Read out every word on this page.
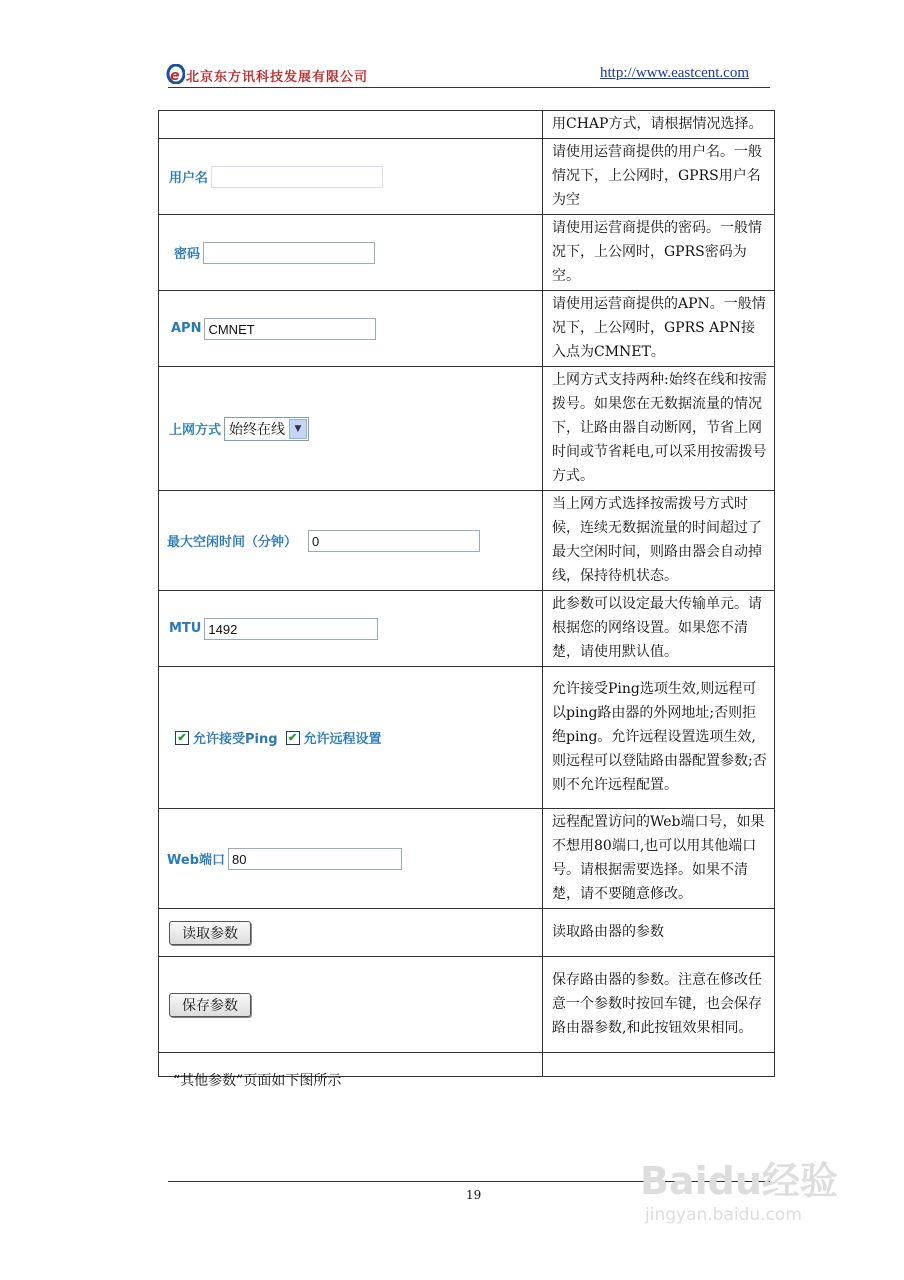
e 北京东方讯科技发展有限公司	http://www.eastcent.com
	用CHAP方式，请根据情况选择。

用户名	请使用运营商提供的用户名。一般情况下，上公网时，GPRS用户名为空

密码	请使用运营商提供的密码。一般情况下，上公网时，GPRS密码为空。

APN CMNET	请使用运营商提供的APN。一般情况下，上公网时，GPRS APN接入点为CMNET。

上网方式 始终在线 ▼	上网方式支持两种:始终在线和按需拨号。如果您在无数据流量的情况下，让路由器自动断网，节省上网时间或节省耗电,可以采用按需拨号方式。

最大空闲时间（分钟） 0	当上网方式选择按需拨号方式时候，连续无数据流量的时间超过了最大空闲时间，则路由器会自动掉线，保持待机状态。

MTU 1492	此参数可以设定最大传输单元。请根据您的网络设置。如果您不清楚，请使用默认值。

✔ 允许接受Ping ✔ 允许远程设置	允许接受Ping选项生效,则远程可以ping路由器的外网地址;否则拒绝ping。允许远程设置选项生效,则远程可以登陆路由器配置参数;否则不允许远程配置。

Web端口 80	远程配置访问的Web端口号，如果不想用80端口,也可以用其他端口号。请根据需要选择。如果不清楚，请不要随意修改。

读取参数	读取路由器的参数

保存参数	保存路由器的参数。注意在修改任意一个参数时按回车键，也会保存路由器参数,和此按钮效果相同。

“其他参数”页面如下图所示
19	Baidu经验
jingyan.baidu.com
